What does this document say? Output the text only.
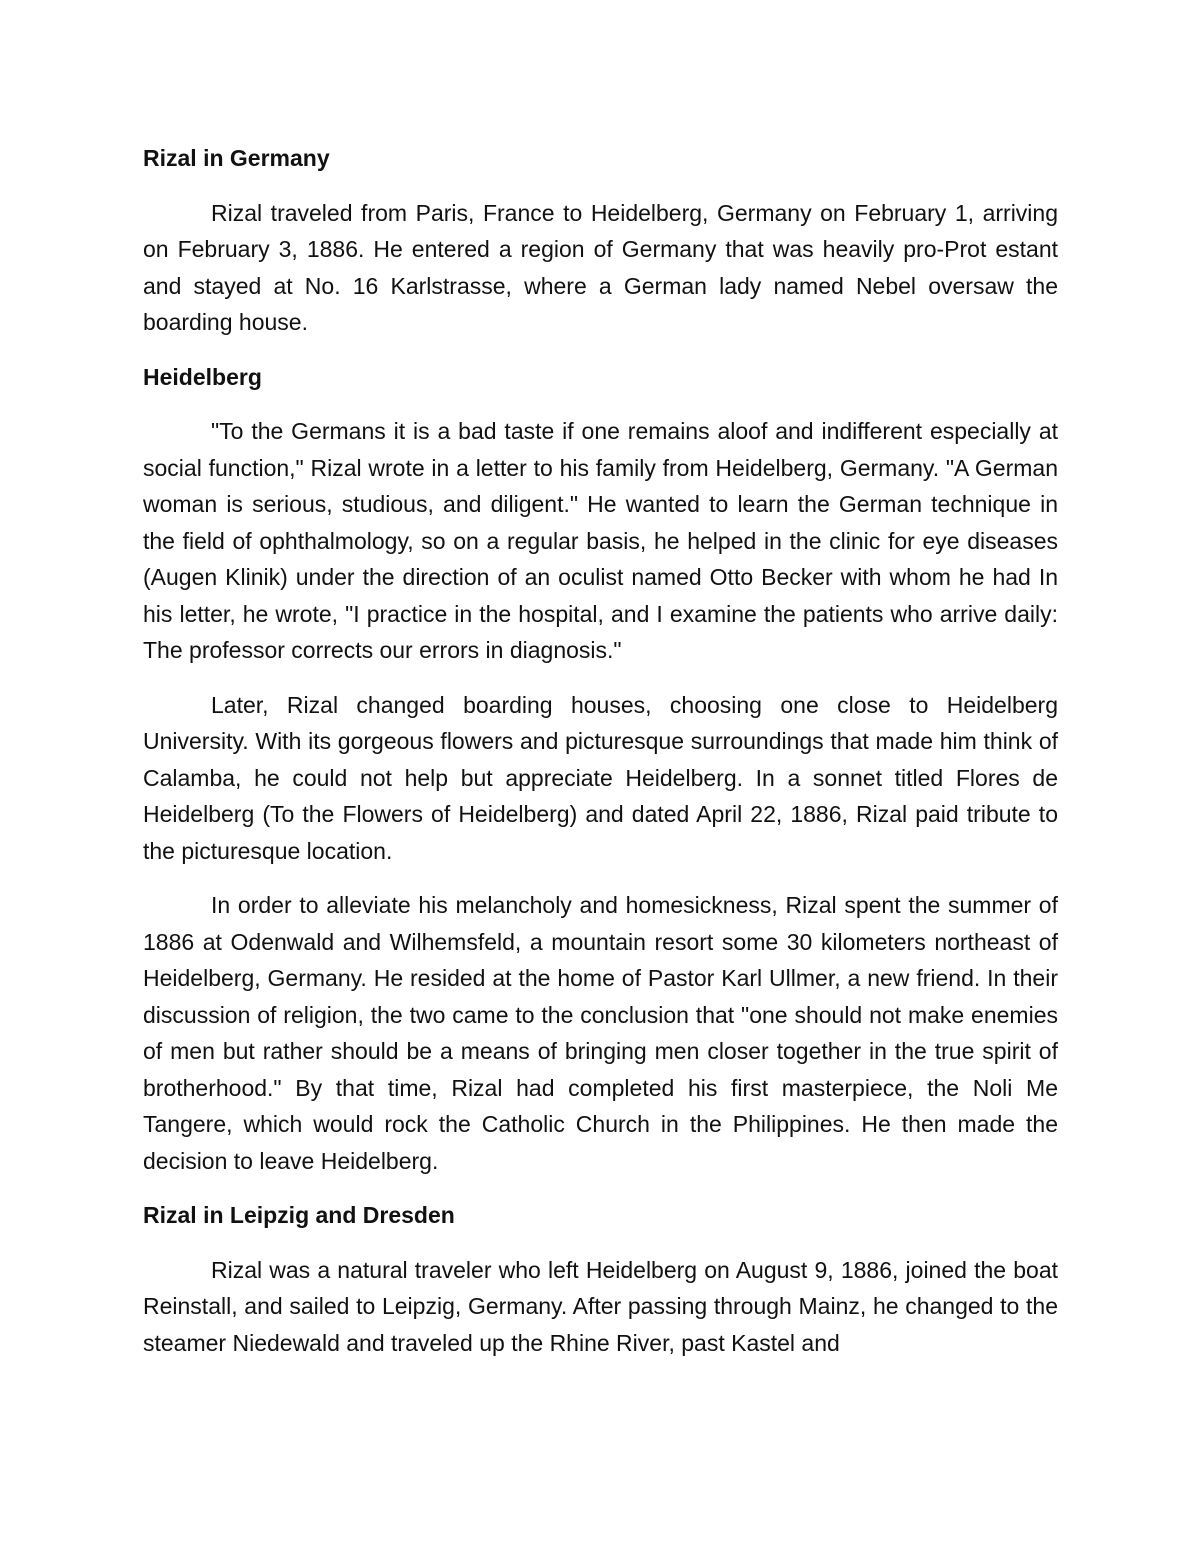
Rizal in Germany

Rizal traveled from Paris, France to Heidelberg, Germany on February 1, arriving on February 3, 1886. He entered a region of Germany that was heavily pro-Prot estant and stayed at No. 16 Karlstrasse, where a German lady named Nebel oversaw the boarding house.

Heidelberg

"To the Germans it is a bad taste if one remains aloof and indifferent especially at social function," Rizal wrote in a letter to his family from Heidelberg, Germany. "A German woman is serious, studious, and diligent." He wanted to learn the German technique in the field of ophthalmology, so on a regular basis, he helped in the clinic for eye diseases (Augen Klinik) under the direction of an oculist named Otto Becker with whom he had In his letter, he wrote, "I practice in the hospital, and I examine the patients who arrive daily: The professor corrects our errors in diagnosis."

Later, Rizal changed boarding houses, choosing one close to Heidelberg University. With its gorgeous flowers and picturesque surroundings that made him think of Calamba, he could not help but appreciate Heidelberg. In a sonnet titled Flores de Heidelberg (To the Flowers of Heidelberg) and dated April 22, 1886, Rizal paid tribute to the picturesque location.

In order to alleviate his melancholy and homesickness, Rizal spent the summer of 1886 at Odenwald and Wilhemsfeld, a mountain resort some 30 kilometers northeast of Heidelberg, Germany. He resided at the home of Pastor Karl Ullmer, a new friend. In their discussion of religion, the two came to the conclusion that "one should not make enemies of men but rather should be a means of bringing men closer together in the true spirit of brotherhood." By that time, Rizal had completed his first masterpiece, the Noli Me Tangere, which would rock the Catholic Church in the Philippines. He then made the decision to leave Heidelberg.

Rizal in Leipzig and Dresden

Rizal was a natural traveler who left Heidelberg on August 9, 1886, joined the boat Reinstall, and sailed to Leipzig, Germany. After passing through Mainz, he changed to the steamer Niedewald and traveled up the Rhine River, past Kastel and
